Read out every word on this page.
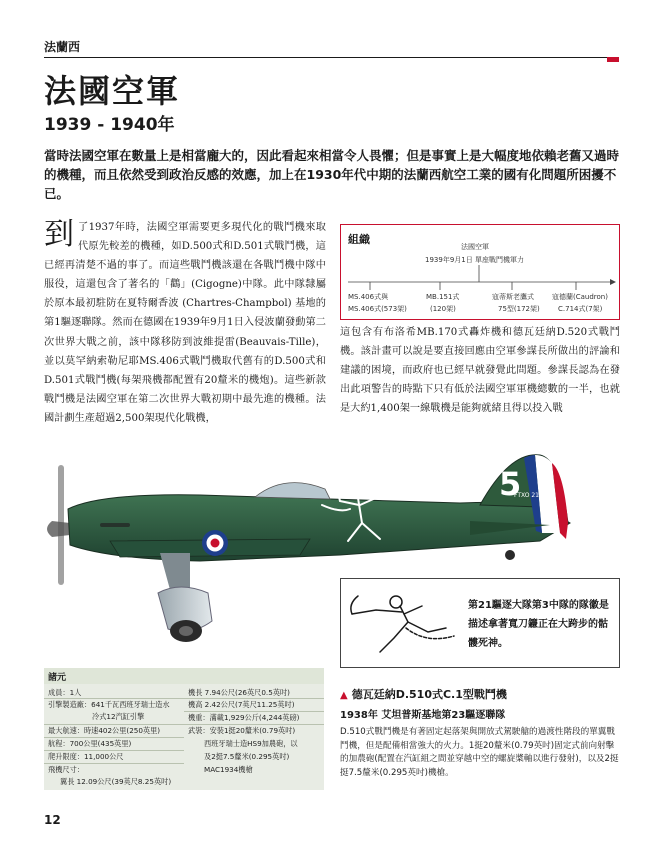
法蘭西
法國空軍
1939 - 1940年
當時法國空軍在數量上是相當龐大的，因此看起來相當令人畏懼；但是事實上是大幅度地依賴老舊又過時的機種，而且依然受到政治反感的效應，加上在1930年代中期的法蘭西航空工業的國有化問題所困擾不已。
到 了1937年時，法國空軍需要更多現代化的戰鬥機來取代原先較差的機種，如D.500式和D.501式戰鬥機，這已經再清楚不過的事了。而這些戰鬥機該還在各戰鬥機中隊中服役，這還包含了著名的「鸛」(Cigogne)中隊。此中隊隸屬於原本最初駐防在夏特爾香波 (Chartres-Champbol) 基地的第1驅逐聯隊。然而在德國在1939年9月1日入侵波蘭發動第二次世界大戰之前，該中隊移防到波維提雷(Beauvais-Tille)，並以莫罕納索勒尼耶MS.406式戰鬥機取代舊有的D.500式和D.501式戰鬥機(每架飛機都配置有20釐米的機炮)。這些新款戰鬥機是法國空軍在第二次世界大戰初期中最先進的機種。法國計劃生產超過2,500架現代化戰機，
組織
法國空軍
1939年9月1日 單座戰鬥機軍力
MS.406式與
MS.406式(573架)
MB.151式
(120架)
寇蒂斯老鷹式
75型(172架)
寇德蘭(Caudron)
C.714式(7架)
這包含有布洛希MB.170式轟炸機和德瓦廷納D.520式戰鬥機。該計畫可以說是要直接回應由空軍參謀長所做出的評論和建議的困境，而政府也已經早就發覺此問題。參謀長認為在發出此項警告的時點下只有低於法國空軍軍機總數的一半，也就是大約1,400架一線戰機是能夠就緒且得以投入戰
5
FTXO 219
第21驅逐大隊第3中隊的隊徽是描述拿著寬刀鐮正在大跨步的骷髏死神。
諸元
成員：1人
引擎製造廠：641千瓦西班牙瑞士造水
冷式12汽缸引擎
最大航速：時速402公里(250英里)
航程：700公里(435英里)
爬升限度：11,000公尺
飛機尺寸：
翼長 12.09公尺(39英尺8.25英吋)
機長 7.94公尺(26英尺0.5英吋)
機高 2.42公尺(7英尺11.25英吋)
機重：滿載1,929公斤(4,244英磅)
武裝：安裝1挺20釐米(0.79英吋)
西班牙瑞士造HS9加農砲，以
及2挺7.5釐米(0.295英吋)
MAC1934機槍
▲ 德瓦廷納D.510式C.1型戰鬥機
1938年 艾坦普斯基地第23驅逐聯隊
D.510式戰鬥機是有著固定起落架與開放式駕駛艙的過渡性階段的單翼戰鬥機，但是配備相當強大的火力。1挺20釐米(0.79英吋)固定式前向射擊的加農砲(配置在汽缸組之間並穿越中空的螺旋槳軸以進行發射)，以及2挺挺7.5釐米(0.295英吋)機槍。
12
